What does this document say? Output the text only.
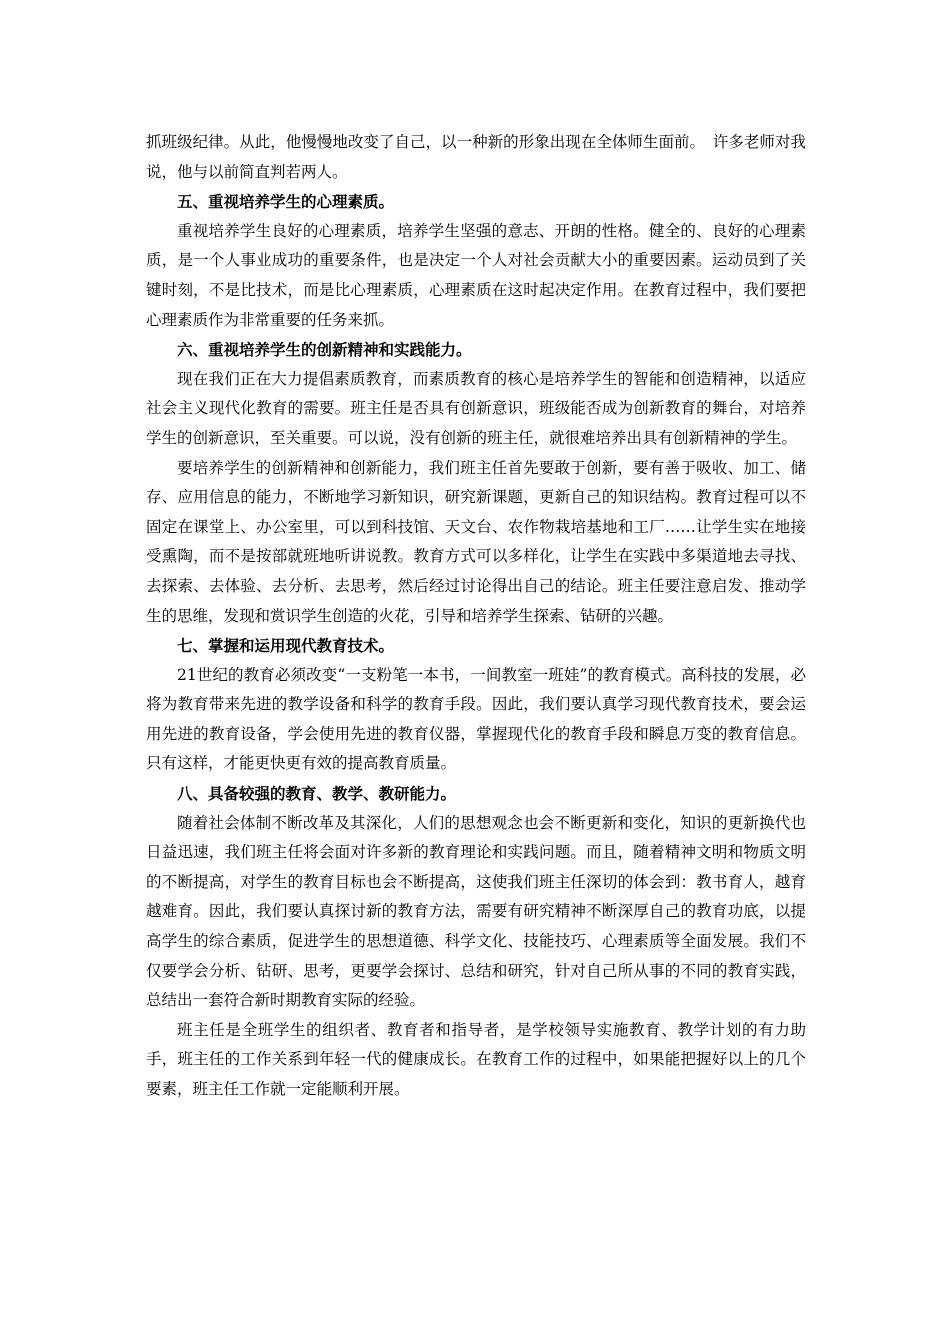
抓班级纪律。从此，他慢慢地改变了自己，以一种新的形象出现在全体师生面前。　许多老师对我说，他与以前简直判若两人。

五、重视培养学生的心理素质。

重视培养学生良好的心理素质，培养学生坚强的意志、开朗的性格。健全的、良好的心理素质，是一个人事业成功的重要条件，也是决定一个人对社会贡献大小的重要因素。运动员到了关键时刻，不是比技术，而是比心理素质，心理素质在这时起决定作用。在教育过程中，我们要把心理素质作为非常重要的任务来抓。

六、重视培养学生的创新精神和实践能力。

现在我们正在大力提倡素质教育，而素质教育的核心是培养学生的智能和创造精神，以适应社会主义现代化教育的需要。班主任是否具有创新意识，班级能否成为创新教育的舞台，对培养学生的创新意识，至关重要。可以说，没有创新的班主任，就很难培养出具有创新精神的学生。

要培养学生的创新精神和创新能力，我们班主任首先要敢于创新，要有善于吸收、加工、储存、应用信息的能力，不断地学习新知识，研究新课题，更新自己的知识结构。教育过程可以不固定在课堂上、办公室里，可以到科技馆、天文台、农作物栽培基地和工厂……让学生实在地接受熏陶，而不是按部就班地听讲说教。教育方式可以多样化，让学生在实践中多渠道地去寻找、去探索、去体验、去分析、去思考，然后经过讨论得出自己的结论。班主任要注意启发、推动学生的思维，发现和赏识学生创造的火花，引导和培养学生探索、钻研的兴趣。

七、掌握和运用现代教育技术。

21世纪的教育必须改变“一支粉笔一本书，一间教室一班娃”的教育模式。高科技的发展，必将为教育带来先进的教学设备和科学的教育手段。因此，我们要认真学习现代教育技术，要会运用先进的教育设备，学会使用先进的教育仪器，掌握现代化的教育手段和瞬息万变的教育信息。只有这样，才能更快更有效的提高教育质量。

八、具备较强的教育、教学、教研能力。

随着社会体制不断改革及其深化，人们的思想观念也会不断更新和变化，知识的更新换代也日益迅速，我们班主任将会面对许多新的教育理论和实践问题。而且，随着精神文明和物质文明的不断提高，对学生的教育目标也会不断提高，这使我们班主任深切的体会到：教书育人，越育越难育。因此，我们要认真探讨新的教育方法，需要有研究精神不断深厚自己的教育功底，以提高学生的综合素质，促进学生的思想道德、科学文化、技能技巧、心理素质等全面发展。我们不仅要学会分析、钻研、思考，更要学会探讨、总结和研究，针对自己所从事的不同的教育实践，总结出一套符合新时期教育实际的经验。

班主任是全班学生的组织者、教育者和指导者，是学校领导实施教育、教学计划的有力助手，班主任的工作关系到年轻一代的健康成长。在教育工作的过程中，如果能把握好以上的几个要素，班主任工作就一定能顺利开展。
